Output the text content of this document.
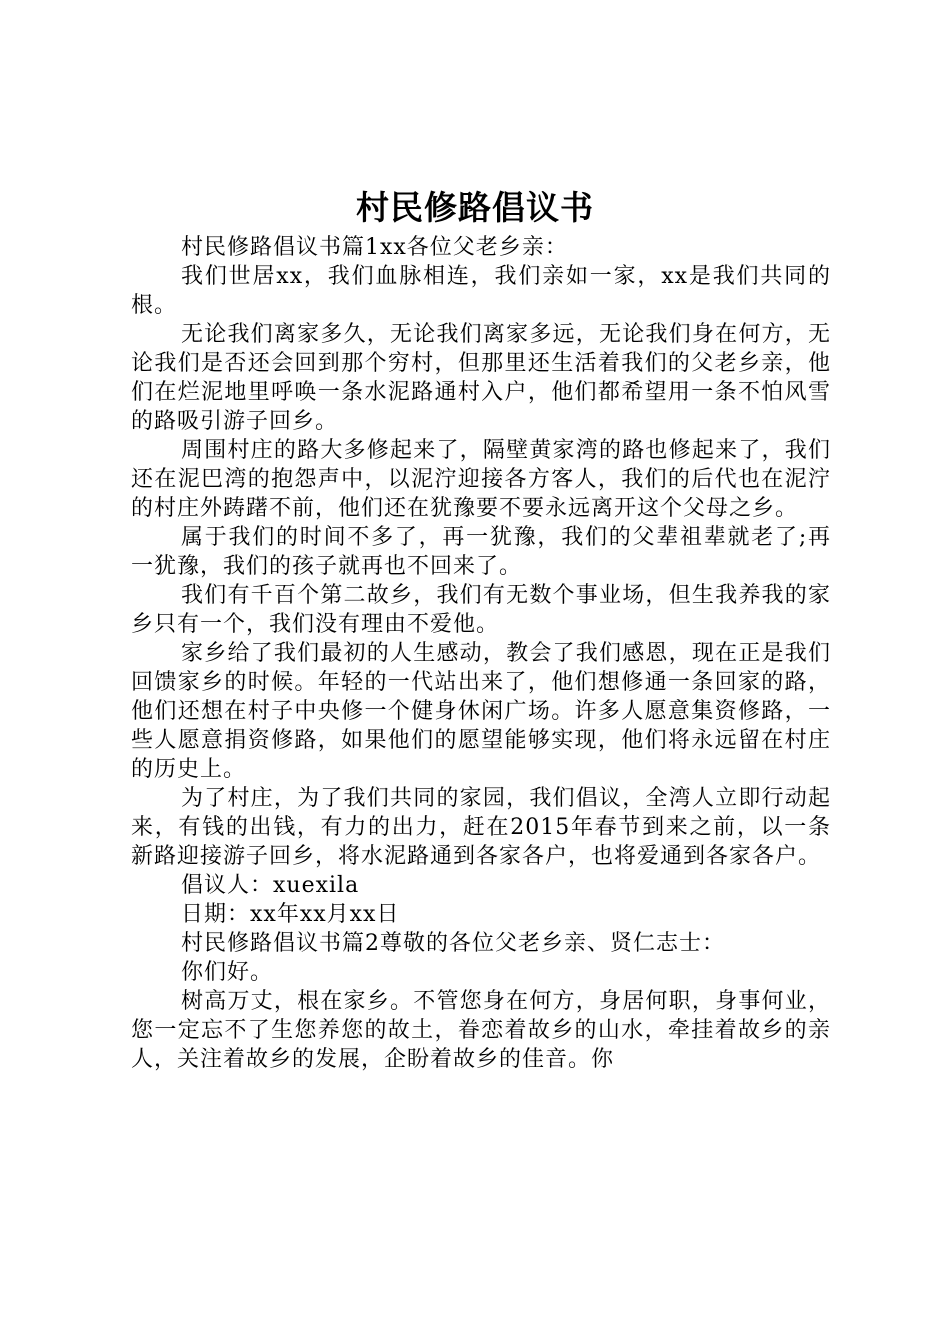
村民修路倡议书

村民修路倡议书篇1xx各位父老乡亲：

我们世居xx，我们血脉相连，我们亲如一家，xx是我们共同的根。

无论我们离家多久，无论我们离家多远，无论我们身在何方，无论我们是否还会回到那个穷村，但那里还生活着我们的父老乡亲，他们在烂泥地里呼唤一条水泥路通村入户，他们都希望用一条不怕风雪的路吸引游子回乡。

周围村庄的路大多修起来了，隔壁黄家湾的路也修起来了，我们还在泥巴湾的抱怨声中，以泥泞迎接各方客人，我们的后代也在泥泞的村庄外踌躇不前，他们还在犹豫要不要永远离开这个父母之乡。

属于我们的时间不多了，再一犹豫，我们的父辈祖辈就老了;再一犹豫，我们的孩子就再也不回来了。

我们有千百个第二故乡，我们有无数个事业场，但生我养我的家乡只有一个，我们没有理由不爱他。

家乡给了我们最初的人生感动，教会了我们感恩，现在正是我们回馈家乡的时候。年轻的一代站出来了，他们想修通一条回家的路，他们还想在村子中央修一个健身休闲广场。许多人愿意集资修路，一些人愿意捐资修路，如果他们的愿望能够实现，他们将永远留在村庄的历史上。

为了村庄，为了我们共同的家园，我们倡议，全湾人立即行动起来，有钱的出钱，有力的出力，赶在2015年春节到来之前，以一条新路迎接游子回乡，将水泥路通到各家各户，也将爱通到各家各户。

倡议人：xuexila

日期：xx年xx月xx日

村民修路倡议书篇2尊敬的各位父老乡亲、贤仁志士：

你们好。

树高万丈，根在家乡。不管您身在何方，身居何职，身事何业，您一定忘不了生您养您的故土，眷恋着故乡的山水，牵挂着故乡的亲人，关注着故乡的发展，企盼着故乡的佳音。你
